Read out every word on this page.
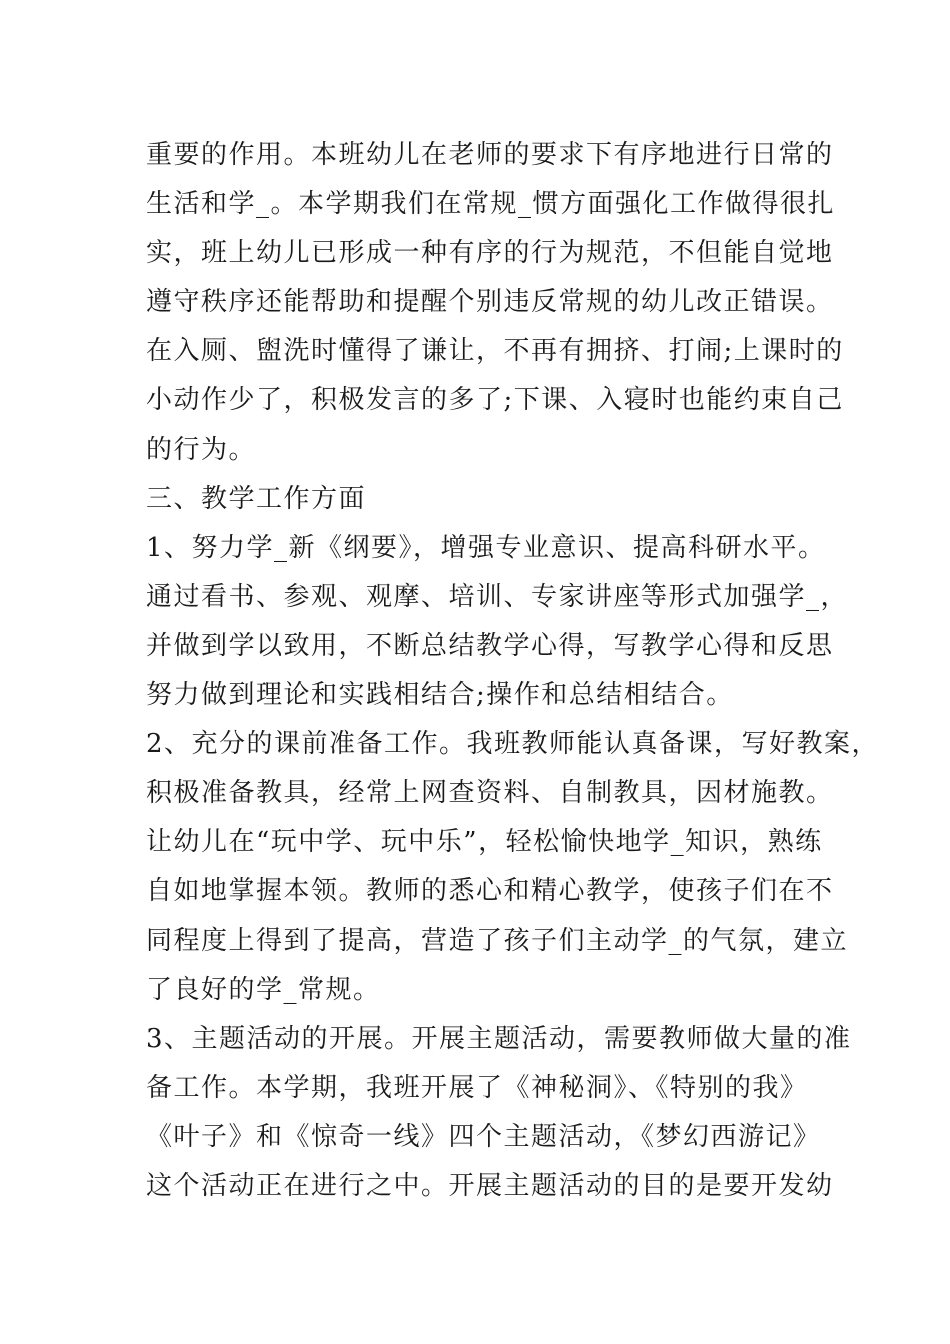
重要的作用。本班幼儿在老师的要求下有序地进行日常的
生活和学_。本学期我们在常规_惯方面强化工作做得很扎
实，班上幼儿已形成一种有序的行为规范，不但能自觉地
遵守秩序还能帮助和提醒个别违反常规的幼儿改正错误。
在入厕、盥洗时懂得了谦让，不再有拥挤、打闹;上课时的
小动作少了，积极发言的多了;下课、入寝时也能约束自己
的行为。
三、教学工作方面
1、努力学_新《纲要》，增强专业意识、提高科研水平。
通过看书、参观、观摩、培训、专家讲座等形式加强学_，
并做到学以致用，不断总结教学心得，写教学心得和反思
努力做到理论和实践相结合;操作和总结相结合。
2、充分的课前准备工作。我班教师能认真备课，写好教案，
积极准备教具，经常上网查资料、自制教具，因材施教。
让幼儿在“玩中学、玩中乐”，轻松愉快地学_知识，熟练
自如地掌握本领。教师的悉心和精心教学，使孩子们在不
同程度上得到了提高，营造了孩子们主动学_的气氛，建立
了良好的学_常规。
3、主题活动的开展。开展主题活动，需要教师做大量的准
备工作。本学期，我班开展了《神秘洞》、《特别的我》
《叶子》和《惊奇一线》四个主题活动，《梦幻西游记》
这个活动正在进行之中。开展主题活动的目的是要开发幼
